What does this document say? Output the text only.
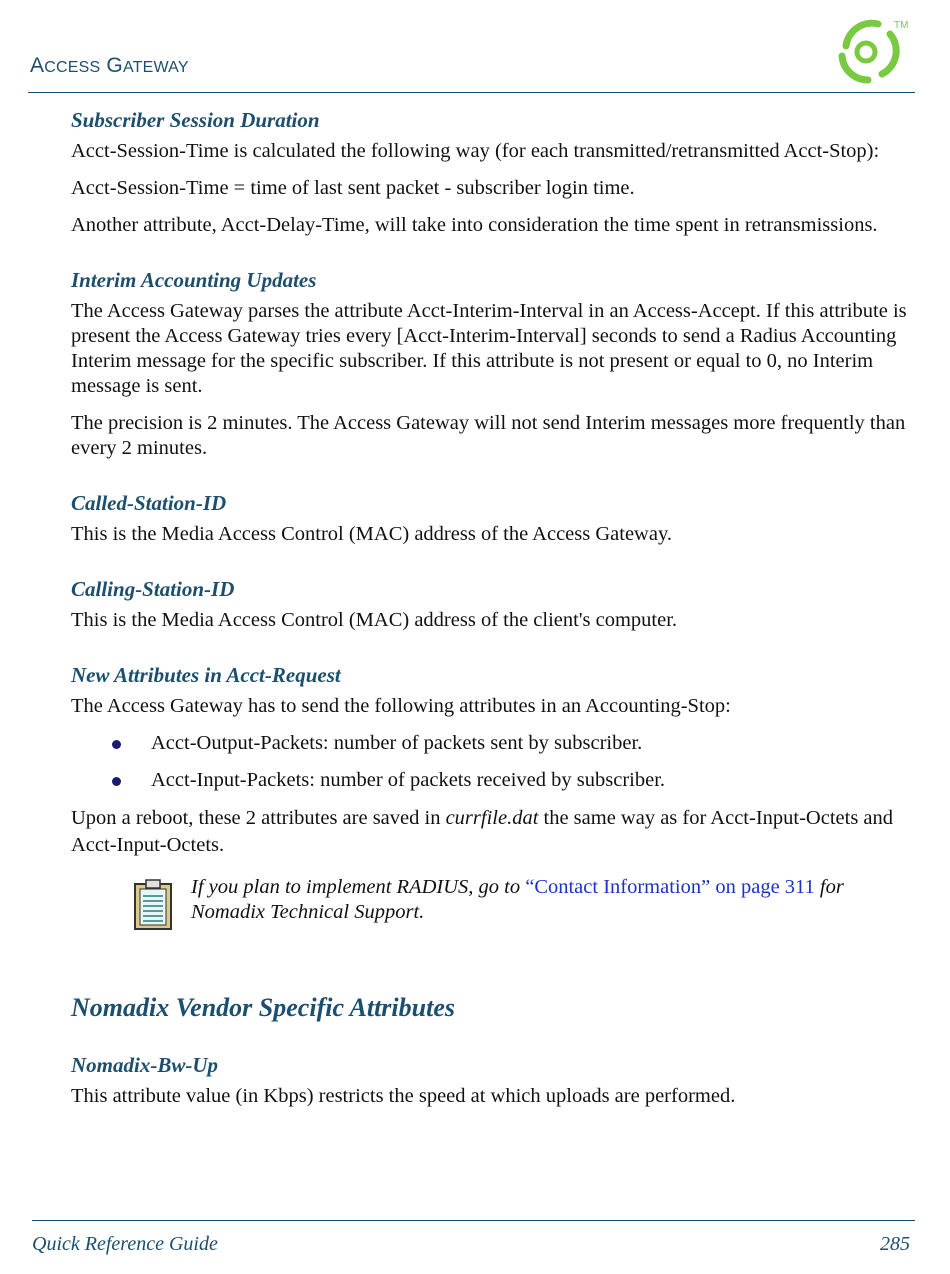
ACCESS GATEWAY
TM
Subscriber Session Duration

Acct-Session-Time is calculated the following way (for each transmitted/retransmitted Acct-Stop):

Acct-Session-Time = time of last sent packet - subscriber login time.

Another attribute, Acct-Delay-Time, will take into consideration the time spent in retransmissions.

Interim Accounting Updates

The Access Gateway parses the attribute Acct-Interim-Interval in an Access-Accept. If this attribute is present the Access Gateway tries every [Acct-Interim-Interval] seconds to send a Radius Accounting Interim message for the specific subscriber. If this attribute is not present or equal to 0, no Interim message is sent.

The precision is 2 minutes. The Access Gateway will not send Interim messages more frequently than every 2 minutes.

Called-Station-ID

This is the Media Access Control (MAC) address of the Access Gateway.

Calling-Station-ID

This is the Media Access Control (MAC) address of the client's computer.

New Attributes in Acct-Request

The Access Gateway has to send the following attributes in an Accounting-Stop:

Acct-Output-Packets: number of packets sent by subscriber.
Acct-Input-Packets: number of packets received by subscriber.

Upon a reboot, these 2 attributes are saved in currfile.dat the same way as for Acct-Input-Octets and Acct-Input-Octets.

If you plan to implement RADIUS, go to “Contact Information” on page 311 for Nomadix Technical Support.
Nomadix Vendor Specific Attributes
Nomadix-Bw-Up

This attribute value (in Kbps) restricts the speed at which uploads are performed.

Quick Reference Guide	285
